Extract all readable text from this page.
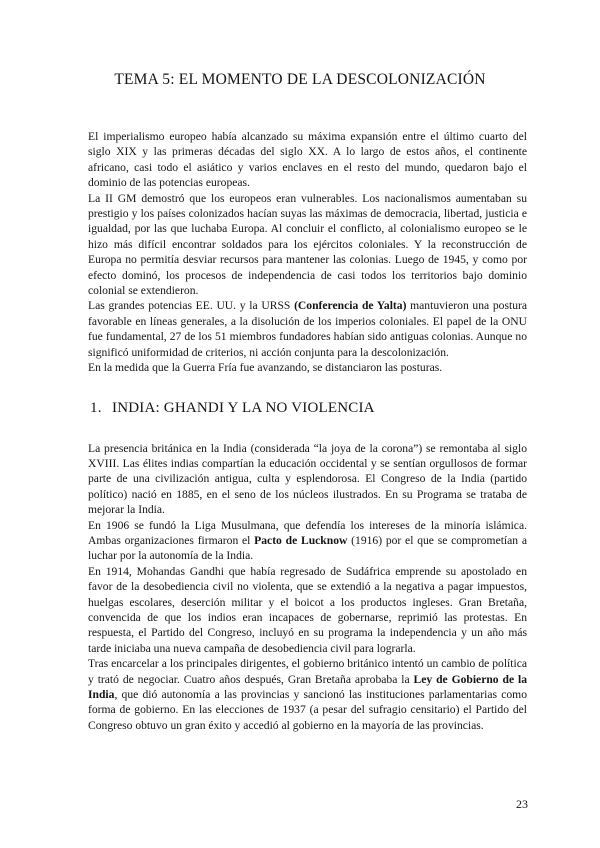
TEMA 5: EL MOMENTO DE LA DESCOLONIZACIÓN

El imperialismo europeo había alcanzado su máxima expansión entre el último cuarto del siglo XIX y las primeras décadas del siglo XX. A lo largo de estos años, el continente africano, casi todo el asiático y varios enclaves en el resto del mundo, quedaron bajo el dominio de las potencias europeas.

La II GM demostró que los europeos eran vulnerables. Los nacionalismos aumentaban su prestigio y los países colonizados hacían suyas las máximas de democracia, libertad, justicia e igualdad, por las que luchaba Europa. Al concluir el conflicto, al colonialismo europeo se le hizo más difícil encontrar soldados para los ejércitos coloniales. Y la reconstrucción de Europa no permitía desviar recursos para mantener las colonias. Luego de 1945, y como por efecto dominó, los procesos de independencia de casi todos los territorios bajo dominio colonial se extendieron.

Las grandes potencias EE. UU. y la URSS (Conferencia de Yalta) mantuvieron una postura favorable en líneas generales, a la disolución de los imperios coloniales. El papel de la ONU fue fundamental, 27 de los 51 miembros fundadores habían sido antiguas colonias. Aunque no significó uniformidad de criterios, ni acción conjunta para la descolonización.

En la medida que la Guerra Fría fue avanzando, se distanciaron las posturas.

1. INDIA: GHANDI Y LA NO VIOLENCIA

La presencia británica en la India (considerada “la joya de la corona”) se remontaba al siglo XVIII. Las élites indias compartían la educación occidental y se sentían orgullosos de formar parte de una civilización antigua, culta y esplendorosa. El Congreso de la India (partido político) nació en 1885, en el seno de los núcleos ilustrados. En su Programa se trataba de mejorar la India.

En 1906 se fundó la Liga Musulmana, que defendía los intereses de la minoría islámica. Ambas organizaciones firmaron el Pacto de Lucknow (1916) por el que se comprometían a luchar por la autonomía de la India.

En 1914, Mohandas Gandhi que había regresado de Sudáfrica emprende su apostolado en favor de la desobediencia civil no violenta, que se extendió a la negativa a pagar impuestos, huelgas escolares, deserción militar y el boicot a los productos ingleses. Gran Bretaña, convencida de que los indios eran incapaces de gobernarse, reprimió las protestas. En respuesta, el Partido del Congreso, incluyó en su programa la independencia y un año más tarde iniciaba una nueva campaña de desobediencia civil para lograrla.

Tras encarcelar a los principales dirigentes, el gobierno británico intentó un cambio de política y trató de negociar. Cuatro años después, Gran Bretaña aprobaba la Ley de Gobierno de la India, que dió autonomía a las provincias y sancionó las instituciones parlamentarias como forma de gobierno. En las elecciones de 1937 (a pesar del sufragio censitario) el Partido del Congreso obtuvo un gran éxito y accedió al gobierno en la mayoría de las provincias.

23
